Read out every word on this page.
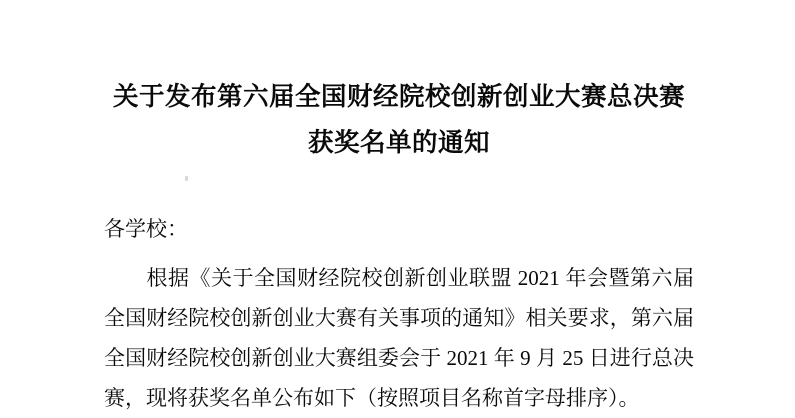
关于发布第六届全国财经院校创新创业大赛总决赛
获奖名单的通知
各学校：
根据《关于全国财经院校创新创业联盟 2021 年会暨第六届全国财经院校创新创业大赛有关事项的通知》相关要求，第六届全国财经院校创新创业大赛组委会于 2021 年 9 月 25 日进行总决赛，现将获奖名单公布如下（按照项目名称首字母排序）。
